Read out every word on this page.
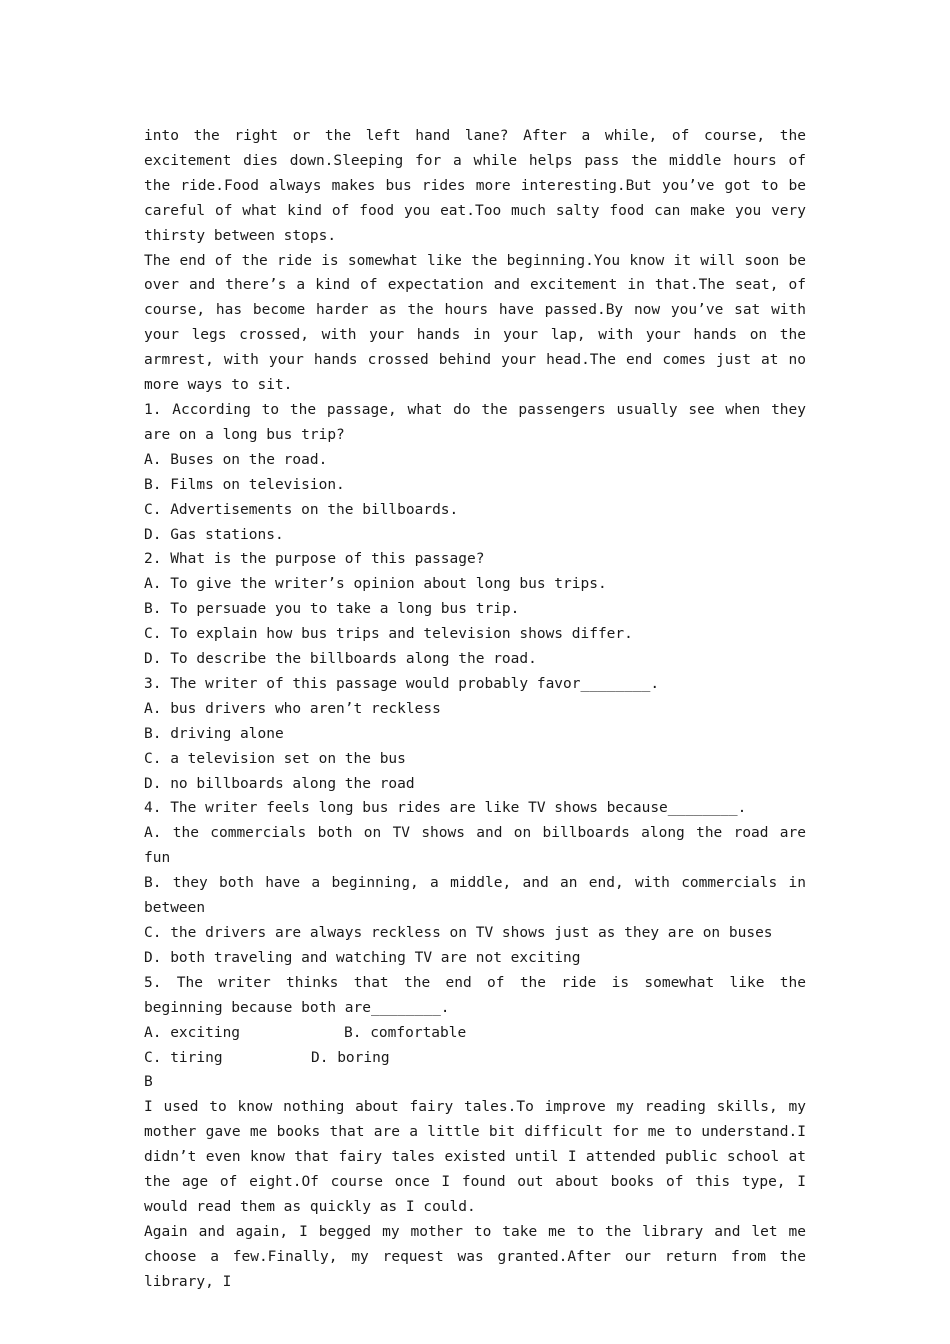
into the right or the left hand lane? After a while, of course, the excitement dies down.Sleeping for a while helps pass the middle hours of the ride.Food always makes bus rides more interesting.But you’ve got to be careful of what kind of food you eat.Too much salty food can make you very thirsty between stops.

The end of the ride is somewhat like the beginning.You know it will soon be over and there’s a kind of expectation and excitement in that.The seat, of course, has become harder as the hours have passed.By now you’ve sat with your legs crossed, with your hands in your lap, with your hands on the armrest, with your hands crossed behind your head.The end comes just at no more ways to sit.

1. According to the passage, what do the passengers usually see when they are on a long bus trip?

A. Buses on the road.

B. Films on television.

C. Advertisements on the billboards.

D. Gas stations.

2. What is the purpose of this passage?

A. To give the writer’s opinion about long bus trips.

B. To persuade you to take a long bus trip.

C. To explain how bus trips and television shows differ.

D. To describe the billboards along the road.

3. The writer of this passage would probably favor________.

A. bus drivers who aren’t reckless

B. driving alone

C. a television set on the bus

D. no billboards along the road

4. The writer feels long bus rides are like TV shows because________.

A. the commercials both on TV shows and on billboards along the road are fun

B. they both have a beginning, a middle, and an end, with commercials in between

C. the drivers are always reckless on TV shows just as they are on buses

D. both traveling and watching TV are not exciting

5. The writer thinks that the end of the ride is somewhat like the beginning because both are________.

A. exciting	B. comfortable
C. tiring	D. boring

B

I used to know nothing about fairy tales.To improve my reading skills, my mother gave me books that are a little bit difficult for me to understand.I didn’t even know that fairy tales existed until I attended public school at the age of eight.Of course once I found out about books of this type, I would read them as quickly as I could.

Again and again, I begged my mother to take me to the library and let me choose a few.Finally, my request was granted.After our return from the library, I
